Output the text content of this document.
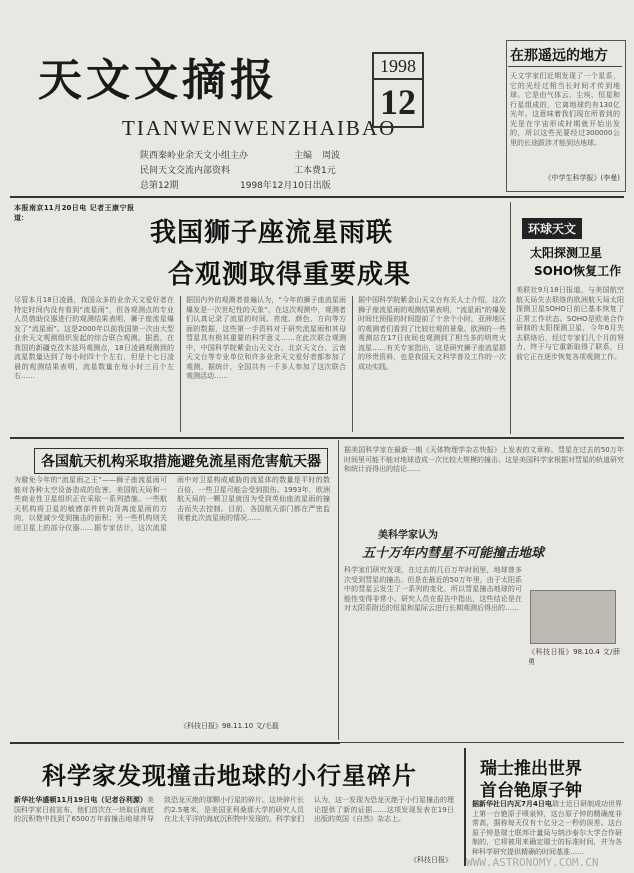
天文文摘报
TIANWENWENZHAIBAO
1998
12
陕西秦岭业余天文小组主办	主编 周波
民间天文交流内部资料	工本费1元
总第12期	1998年12月10日出版
在那遥远的地方
天文学家们近期发现了一个星系，它的光经过相当长时间才传到地球。它是由气体云、尘埃、恒星和行星组成的，它离地球约有130亿光年。这意味着我们现在所看到的光是在宇宙形成时期就开始出发的，所以这些光要经过300000公里的长途跋涉才能到达地球。
《中学生科学报》(李曼)
本报南京11月20日电 记者王康宁报道：
我国狮子座流星雨联
合观测取得重要成果
尽管本月18日凌晨，我国众多的业余天文爱好者在特定时间内没有看到“流星雨”，但各观测点的专业人员借助仪器进行的观测结果表明，狮子座流星爆发了“流星雨”。这是2000年以前我国第一次由大型业余天文观测组织发起的综合联合观测。据悉，在我国的新疆克孜木兹玛观测点，18日凌晨观测到的流星数量达到了每小时四十个左右，但是十七日凌晨的观测结果表明，流星数量在每小时三百个左右……
据国内外的观测者普遍认为，“今年的狮子座流星雨爆发是一次世纪性的天象”，在这次观测中，观测者们认真记录了流星的时间、亮度、颜色、方向等方面的数据，这些第一手资料对于研究流星雨和其母彗星具有极其重要的科学意义……在此次联合观测中，中国科学院紫金山天文台、北京天文台、云南天文台等专业单位和许多业余天文爱好者都参加了观测。据统计，全国共有一千多人参加了这次联合观测活动……
据中国科学院紫金山天文台有关人士介绍，这次狮子座流星雨的观测结果表明，“流星雨”的爆发时间比预报的时间提前了十余个小时，亚洲地区的观测者们看到了比较壮观的景象。欧洲的一些观测站在17日夜间也观测到了相当多的明亮火流星……有关专家指出，这是研究狮子座流星群的珍贵资料，也是我国天文科学普及工作的一次成功实践。
环球天文
太阳探测卫星
SOHO恢复工作
美联社9月18日报道，与美国航空航天局失去联络的欧洲航天局太阳探测卫星SOHO日前已基本恢复了正常工作状态。SOHO是欧美合作研制的太阳探测卫星，今年6月失去联络后，经过专家们几个月的努力，终于与它重新取得了联系，目前它正在逐步恢复各项观测工作。
各国航天机构采取措施避免流星雨危害航天器
为避免今年的“流星雨之王”——狮子座流星雨可能对各种太空设备造成的危害，美国航天局和一些商业性卫星组织正在采取一系列措施。一些航天机构将卫星的敏感部件转向背离流星雨的方向，以便减少受到撞击的面积；另一些机构则关闭卫星上的部分仪器……据专家估计，这次流星雨中对卫星构成威胁的流星体的数量是平时的数百倍，一些卫星可能会受到损伤。1993年，欧洲航天局的一颗卫星就因为受到英仙座流星雨的撞击而失去控制。目前，各国航天部门都在严密监视着此次流星雨的情况……
《科技日报》98.11.10 文/毛磊
据美国科学家在最新一期《天体物理学杂志快报》上发表的文章称，彗星在过去的50万年时间里可能不能对地球造成一次比较大规模的撞击。这是美国科学家根据对彗星的轨道研究和统计而得出的结论……
美科学家认为
五十万年内彗星不可能撞击地球
科学家们研究发现，在过去的几百万年时间里，地球曾多次受到彗星的撞击。但是在最近的50万年里，由于太阳系中的彗星云发生了一系列的变化，所以彗星撞击地球的可能性变得非常小。研究人员在报告中指出，这些结论是在对太阳系附近的恒星和星际云进行长期观测后得出的……
《科技日报》98.10.4 文/薛勇
科学家发现撞击地球的小行星碎片
新华社华盛顿11月19日电（记者谷利源）美国科学家日前宣布，他们首次在一块取自海底的沉积物中找到了6500万年前撞击地球并导致恐龙灭绝的那颗小行星的碎片。这块碎片长约2.5毫米，是美国亚利桑那大学的研究人员在北太平洋的海底沉积物中发现的。科学家们认为，这一发现为恐龙灭绝于小行星撞击的理论提供了新的证据……这项发现发表在19日出版的英国《自然》杂志上。
《科技日报》
瑞士推出世界
首台铯原子钟
据新华社日内瓦7月4日电瑞士近日研制成功世界上第一台铯原子喷泉钟，这台原子钟的精确度非常高，据称每天仅有十亿分之一秒的误差。这台原子钟是瑞士联邦计量局与纳沙泰尔大学合作研制的，它将被用来确定瑞士的标准时间，并为各种科学研究提供精确的时间基准……
WWW.ASTRONOMY.COM.CN
